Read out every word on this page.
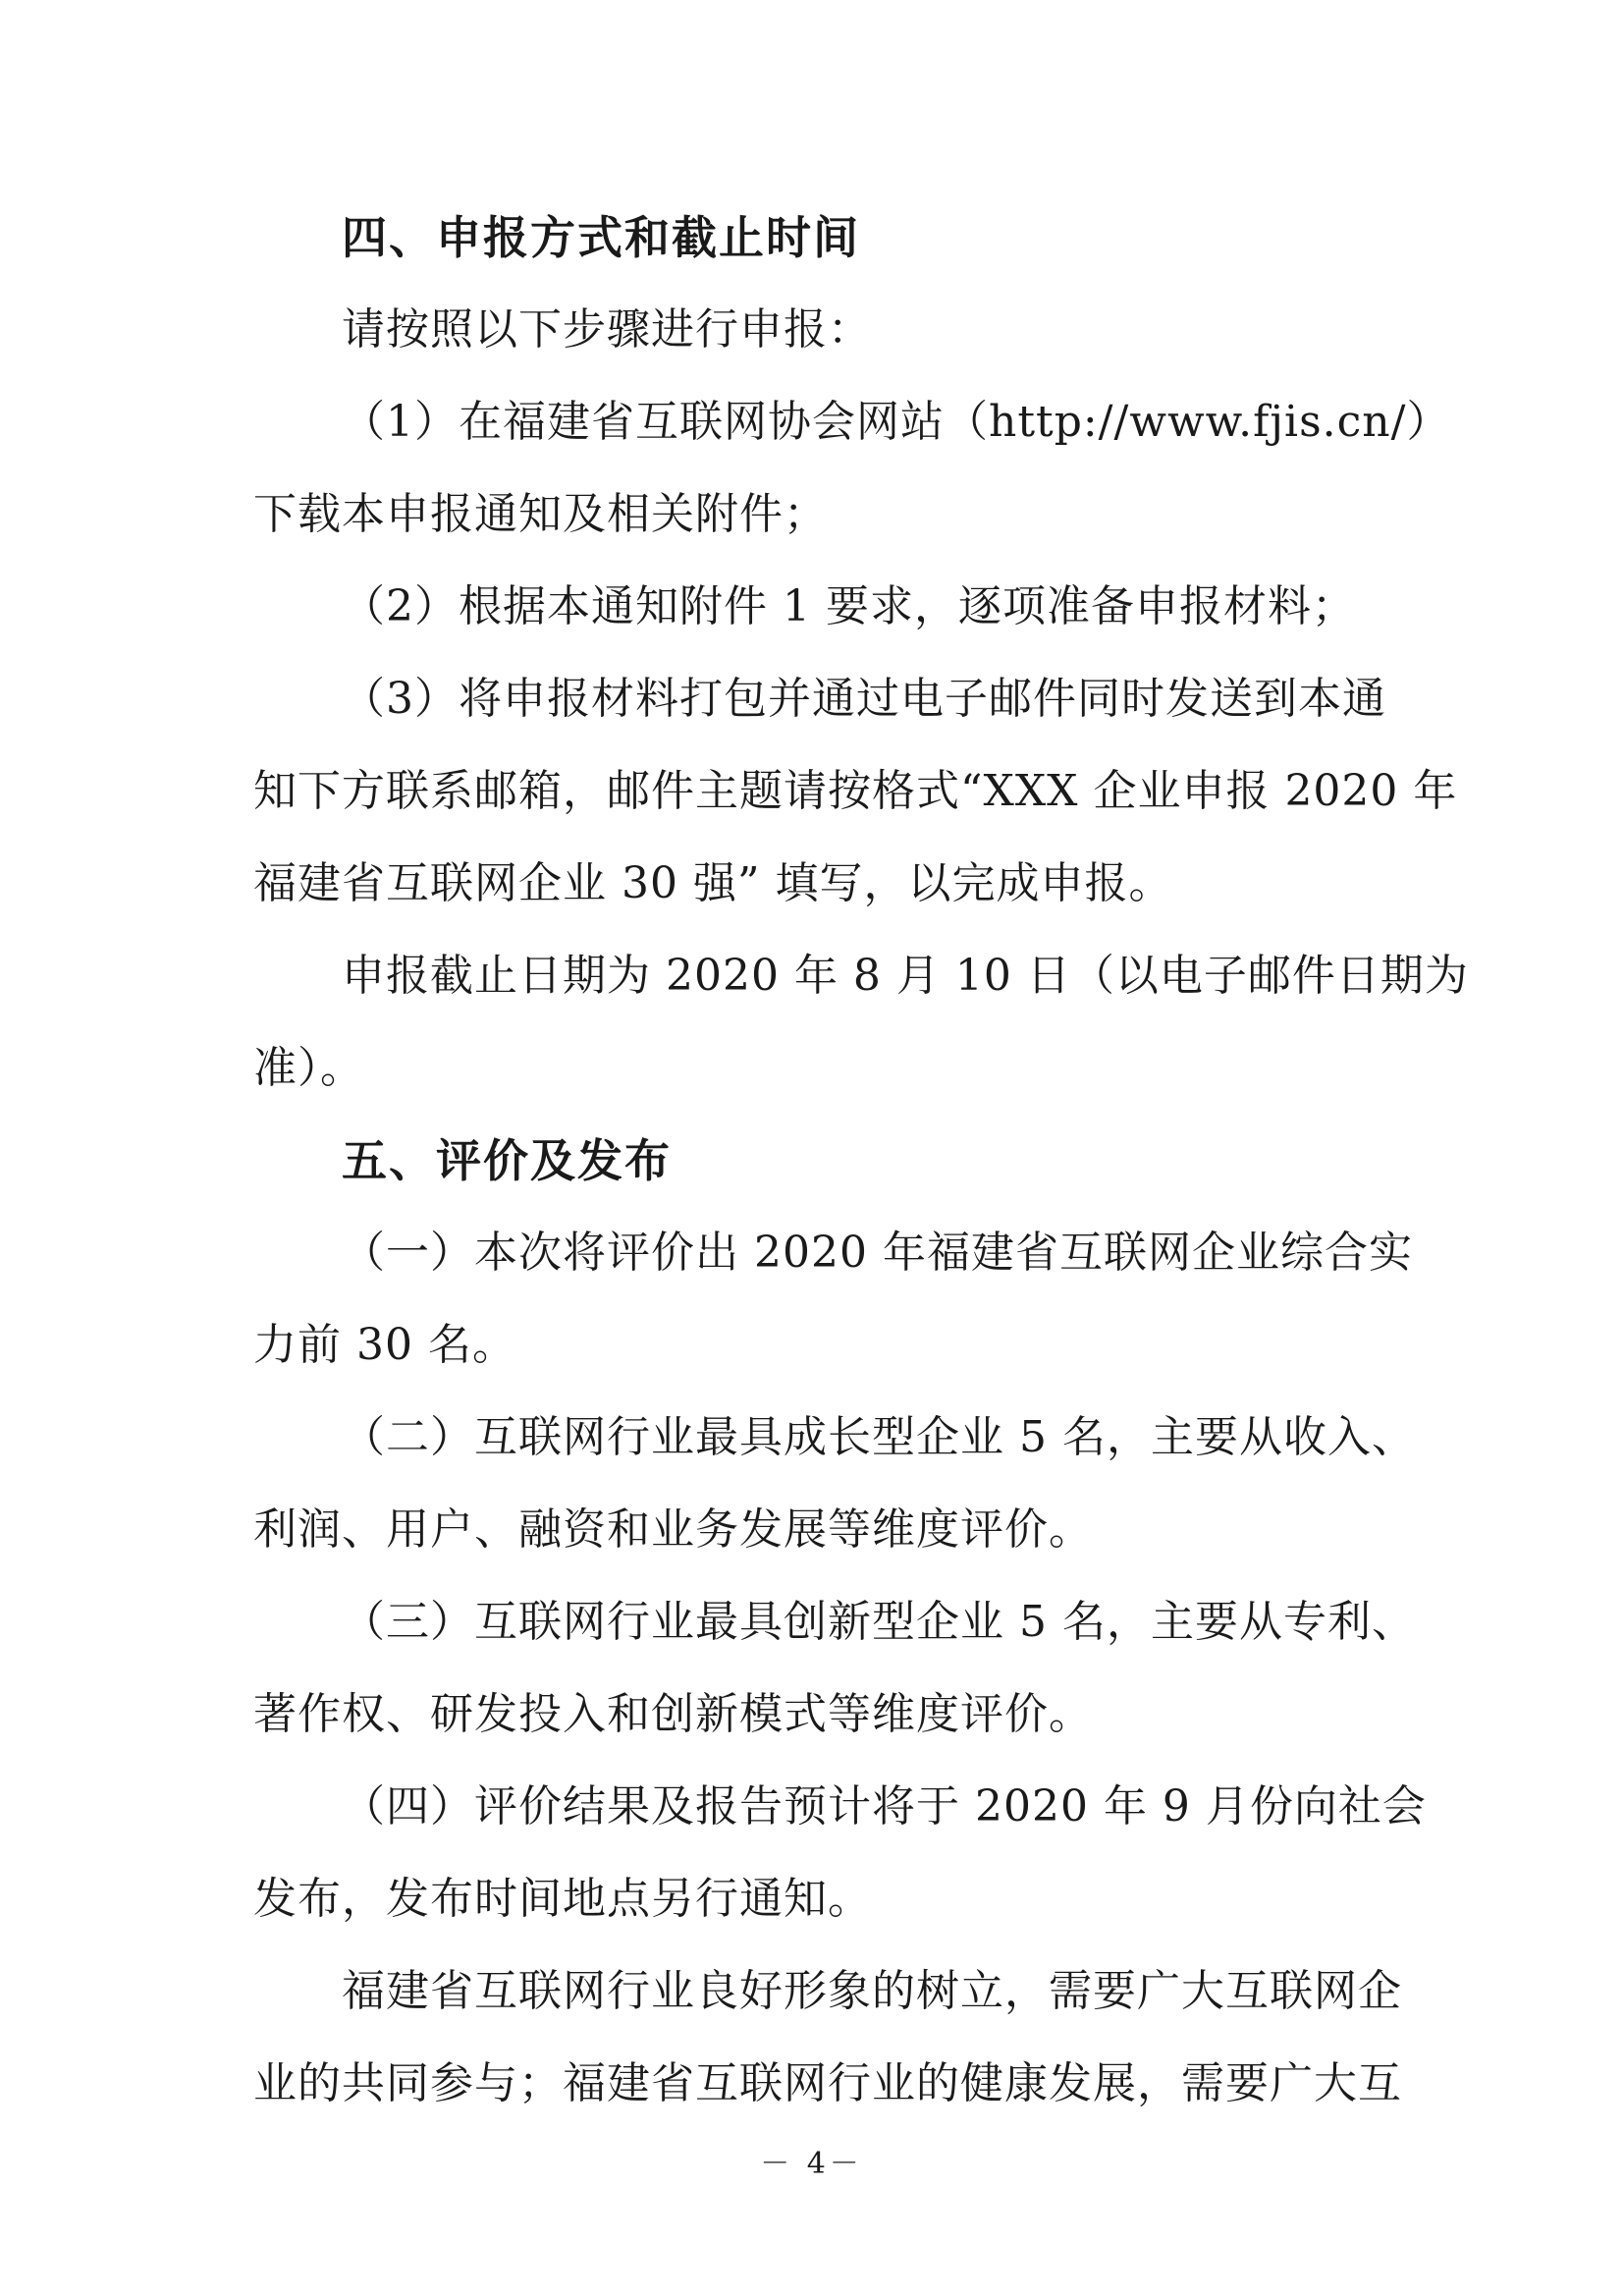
四、申报方式和截止时间
请按照以下步骤进行申报：
（1）在福建省互联网协会网站（http://www.fjis.cn/）
下载本申报通知及相关附件；
（2）根据本通知附件 1 要求，逐项准备申报材料；
（3）将申报材料打包并通过电子邮件同时发送到本通
知下方联系邮箱，邮件主题请按格式“XXX 企业申报 2020 年
福建省互联网企业 30 强” 填写，以完成申报。
申报截止日期为 2020 年 8 月 10 日（以电子邮件日期为
准）。
五、评价及发布
（一）本次将评价出 2020 年福建省互联网企业综合实
力前 30 名。
（二）互联网行业最具成长型企业 5 名，主要从收入、
利润、用户、融资和业务发展等维度评价。
（三）互联网行业最具创新型企业 5 名，主要从专利、
著作权、研发投入和创新模式等维度评价。
（四）评价结果及报告预计将于 2020 年 9 月份向社会
发布，发布时间地点另行通知。
福建省互联网行业良好形象的树立，需要广大互联网企
业的共同参与；福建省互联网行业的健康发展，需要广大互
－ 4－
